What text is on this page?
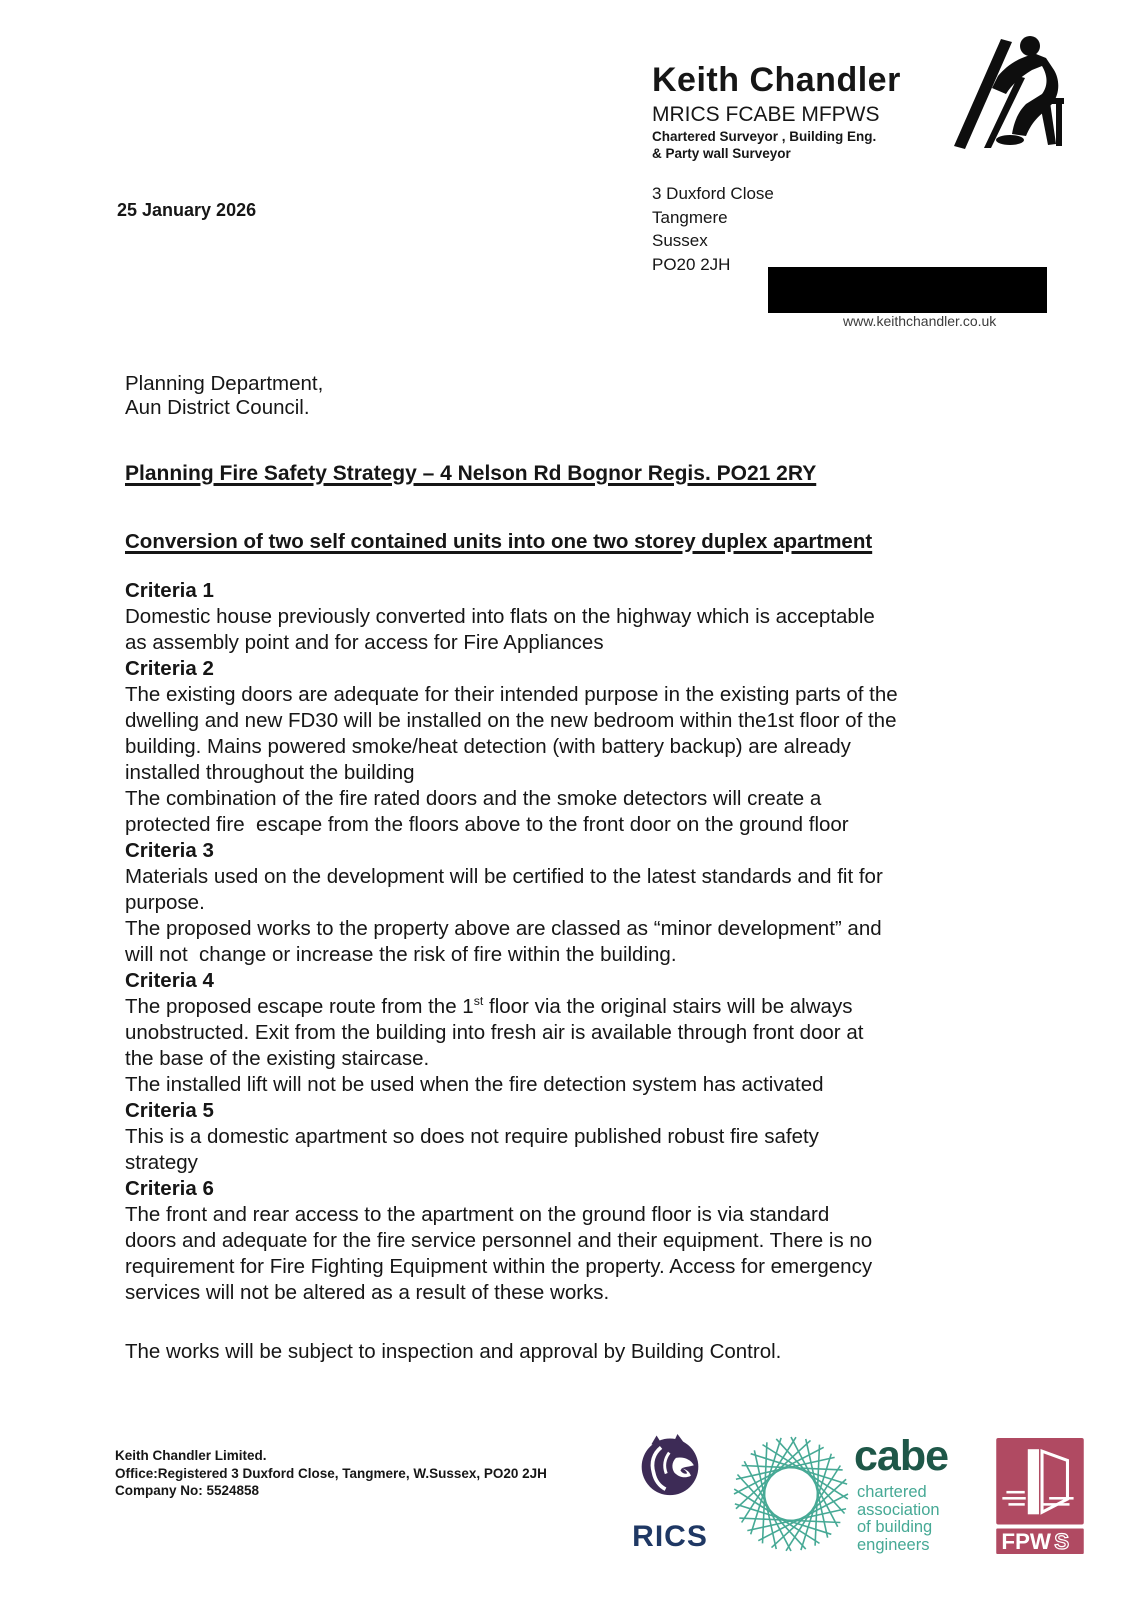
Keith Chandler
MRICS FCABE MFPWS
Chartered Surveyor , Building Eng.
& Party wall Surveyor
3 Duxford Close
Tangmere
Sussex
PO20 2JH
www.keithchandler.co.uk
25 January 2026
Planning Department,
Aun District Council.
Planning Fire Safety Strategy – 4 Nelson Rd Bognor Regis. PO21 2RY
Conversion of two self contained units into one two storey duplex apartment
Criteria 1
Domestic house previously converted into flats on the highway which is acceptable
as assembly point and for access for Fire Appliances
Criteria 2
The existing doors are adequate for their intended purpose in the existing parts of the
dwelling and new FD30 will be installed on the new bedroom within the1st floor of the
building. Mains powered smoke/heat detection (with battery backup) are already
installed throughout the building
The combination of the fire rated doors and the smoke detectors will create a
protected fire  escape from the floors above to the front door on the ground floor
Criteria 3
Materials used on the development will be certified to the latest standards and fit for
purpose.
The proposed works to the property above are classed as “minor development” and
will not  change or increase the risk of fire within the building.
Criteria 4
The proposed escape route from the 1st floor via the original stairs will be always
unobstructed. Exit from the building into fresh air is available through front door at
the base of the existing staircase.
The installed lift will not be used when the fire detection system has activated
Criteria 5
This is a domestic apartment so does not require published robust fire safety
strategy
Criteria 6
The front and rear access to the apartment on the ground floor is via standard
doors and adequate for the fire service personnel and their equipment. There is no
requirement for Fire Fighting Equipment within the property. Access for emergency
services will not be altered as a result of these works.
The works will be subject to inspection and approval by Building Control.
Keith Chandler Limited.
Office:Registered 3 Duxford Close, Tangmere, W.Sussex, PO20 2JH
Company No: 5524858
RICS
cabe
chartered
association
of building
engineers	FPW S
